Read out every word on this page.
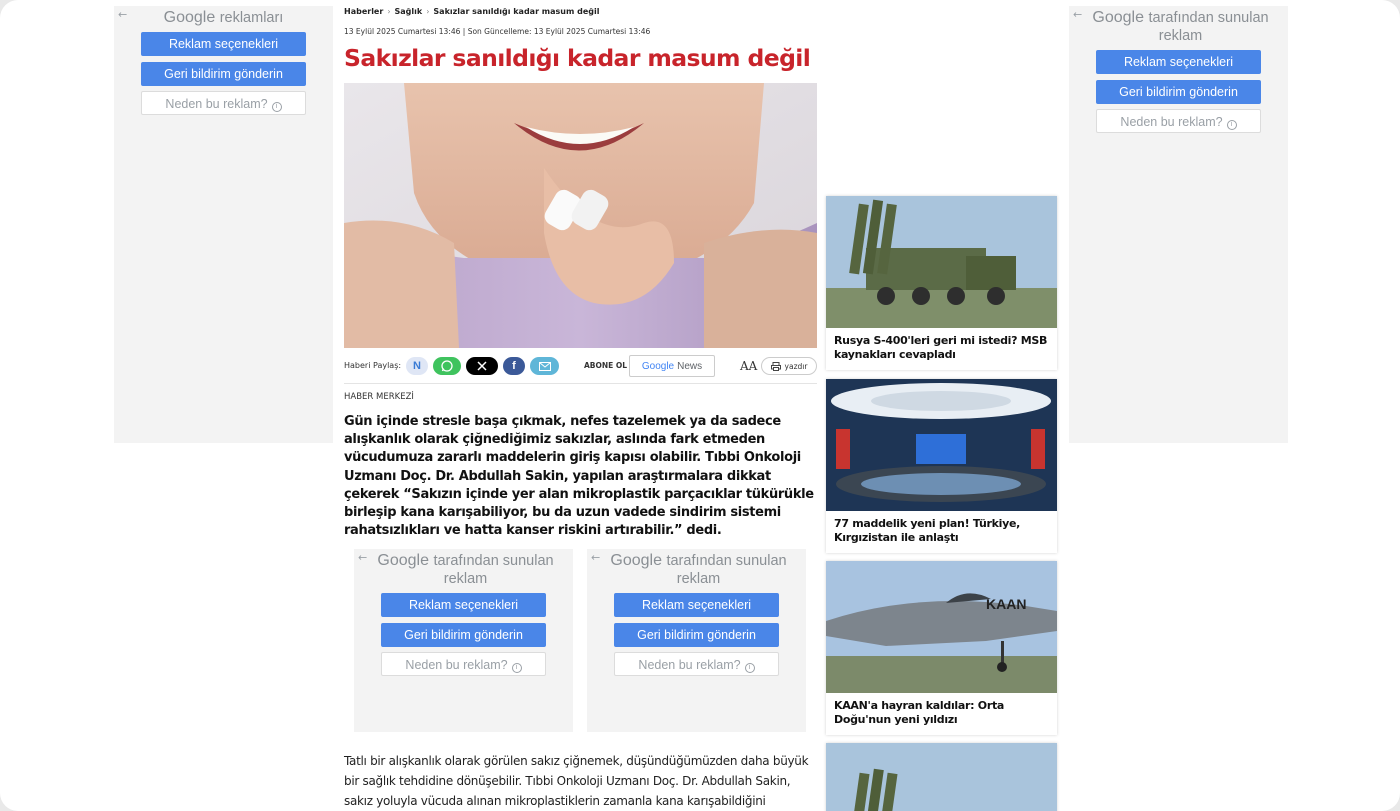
←	Google reklamları
Reklam seçenekleri
Geri bildirim gönderin
Neden bu reklam? i
← Google tarafından sunulan reklam
Reklam seçenekleri
Geri bildirim gönderin
Neden bu reklam? i
Haberler › Sağlık › Sakızlar sanıldığı kadar masum değil
13 Eylül 2025 Cumartesi 13:46 | Son Güncelleme: 13 Eylül 2025 Cumartesi 13:46
Sakızlar sanıldığı kadar masum değil
Haberi Paylaş: N	f	ABONE OL Google News	AA	yazdır
HABER MERKEZİ

Gün içinde stresle başa çıkmak, nefes tazelemek ya da sadece alışkanlık olarak çiğnediğimiz sakızlar, aslında fark etmeden vücudumuza zararlı maddelerin giriş kapısı olabilir. Tıbbi Onkoloji Uzmanı Doç. Dr. Abdullah Sakin, yapılan araştırmalara dikkat çekerek “Sakızın içinde yer alan mikroplastik parçacıklar tükürükle birleşip kana karışabiliyor, bu da uzun vadede sindirim sistemi rahatsızlıkları ve hatta kanser riskini artırabilir.” dedi.

← Google tarafından sunulan reklam
Reklam seçenekleri
Geri bildirim gönderin
Neden bu reklam? i
← Google tarafından sunulan reklam
Reklam seçenekleri
Geri bildirim gönderin
Neden bu reklam? i

Tatlı bir alışkanlık olarak görülen sakız çiğnemek, düşündüğümüzden daha büyük bir sağlık tehdidine dönüşebilir. Tıbbi Onkoloji Uzmanı Doç. Dr. Abdullah Sakin, sakız yoluyla vücuda alınan mikroplastiklerin zamanla kana karışabildiğini

Rusya S-400'leri geri mi istedi? MSB kaynakları cevapladı
77 maddelik yeni plan! Türkiye, Kırgızistan ile anlaştı
KAAN
KAAN'a hayran kaldılar: Orta Doğu'nun yeni yıldızı
